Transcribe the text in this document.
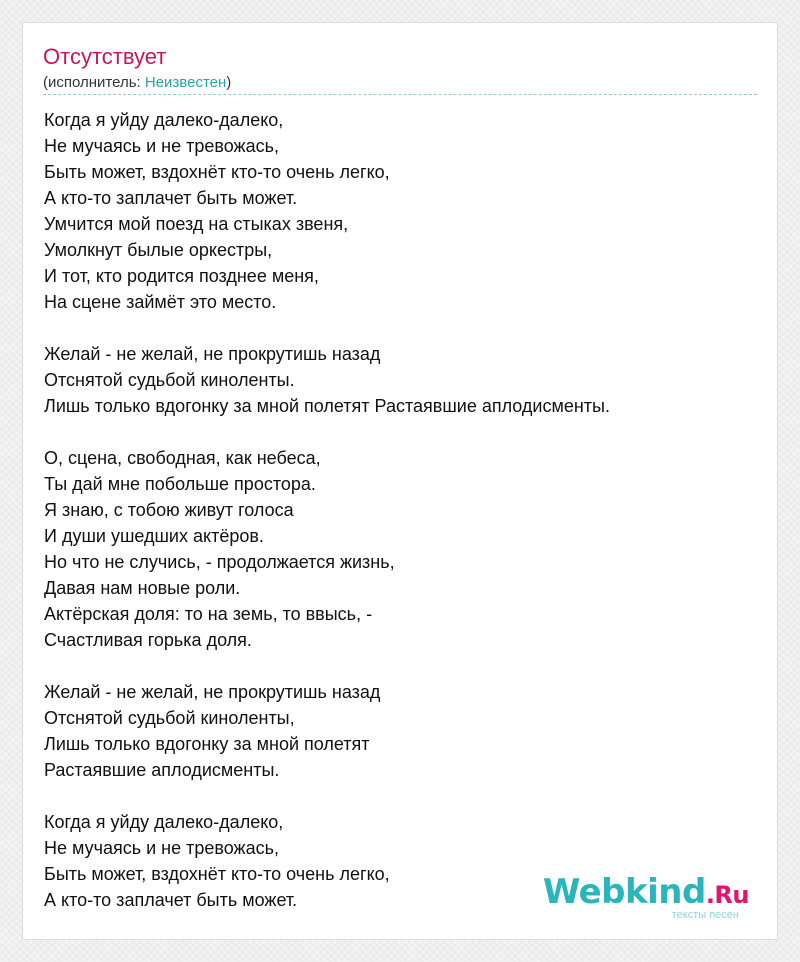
Отсутствует
(исполнитель: Неизвестен)
Когда я уйду далеко-далеко,
Не мучаясь и не тревожась,
Быть может, вздохнёт кто-то очень легко,
А кто-то заплачет быть может.
Умчится мой поезд на стыках звеня,
Умолкнут былые оркестры,
И тот, кто родится позднее меня,
На сцене займёт это место.
Желай - не желай, не прокрутишь назад
Отснятой судьбой киноленты.
Лишь только вдогонку за мной полетят Растаявшие аплодисменты.
О, сцена, свободная, как небеса,
Ты дай мне побольше простора.
Я знаю, с тобою живут голоса
И души ушедших актёров.
Но что не случись, - продолжается жизнь,
Давая нам новые роли.
Актёрская доля: то на земь, то ввысь, -
Счастливая горька доля.
Желай - не желай, не прокрутишь назад
Отснятой судьбой киноленты,
Лишь только вдогонку за мной полетят
Растаявшие аплодисменты.
Когда я уйду далеко-далеко,
Не мучаясь и не тревожась,
Быть может, вздохнёт кто-то очень легко,
А кто-то заплачет быть может.	Webkind.Ru
тексты песен
